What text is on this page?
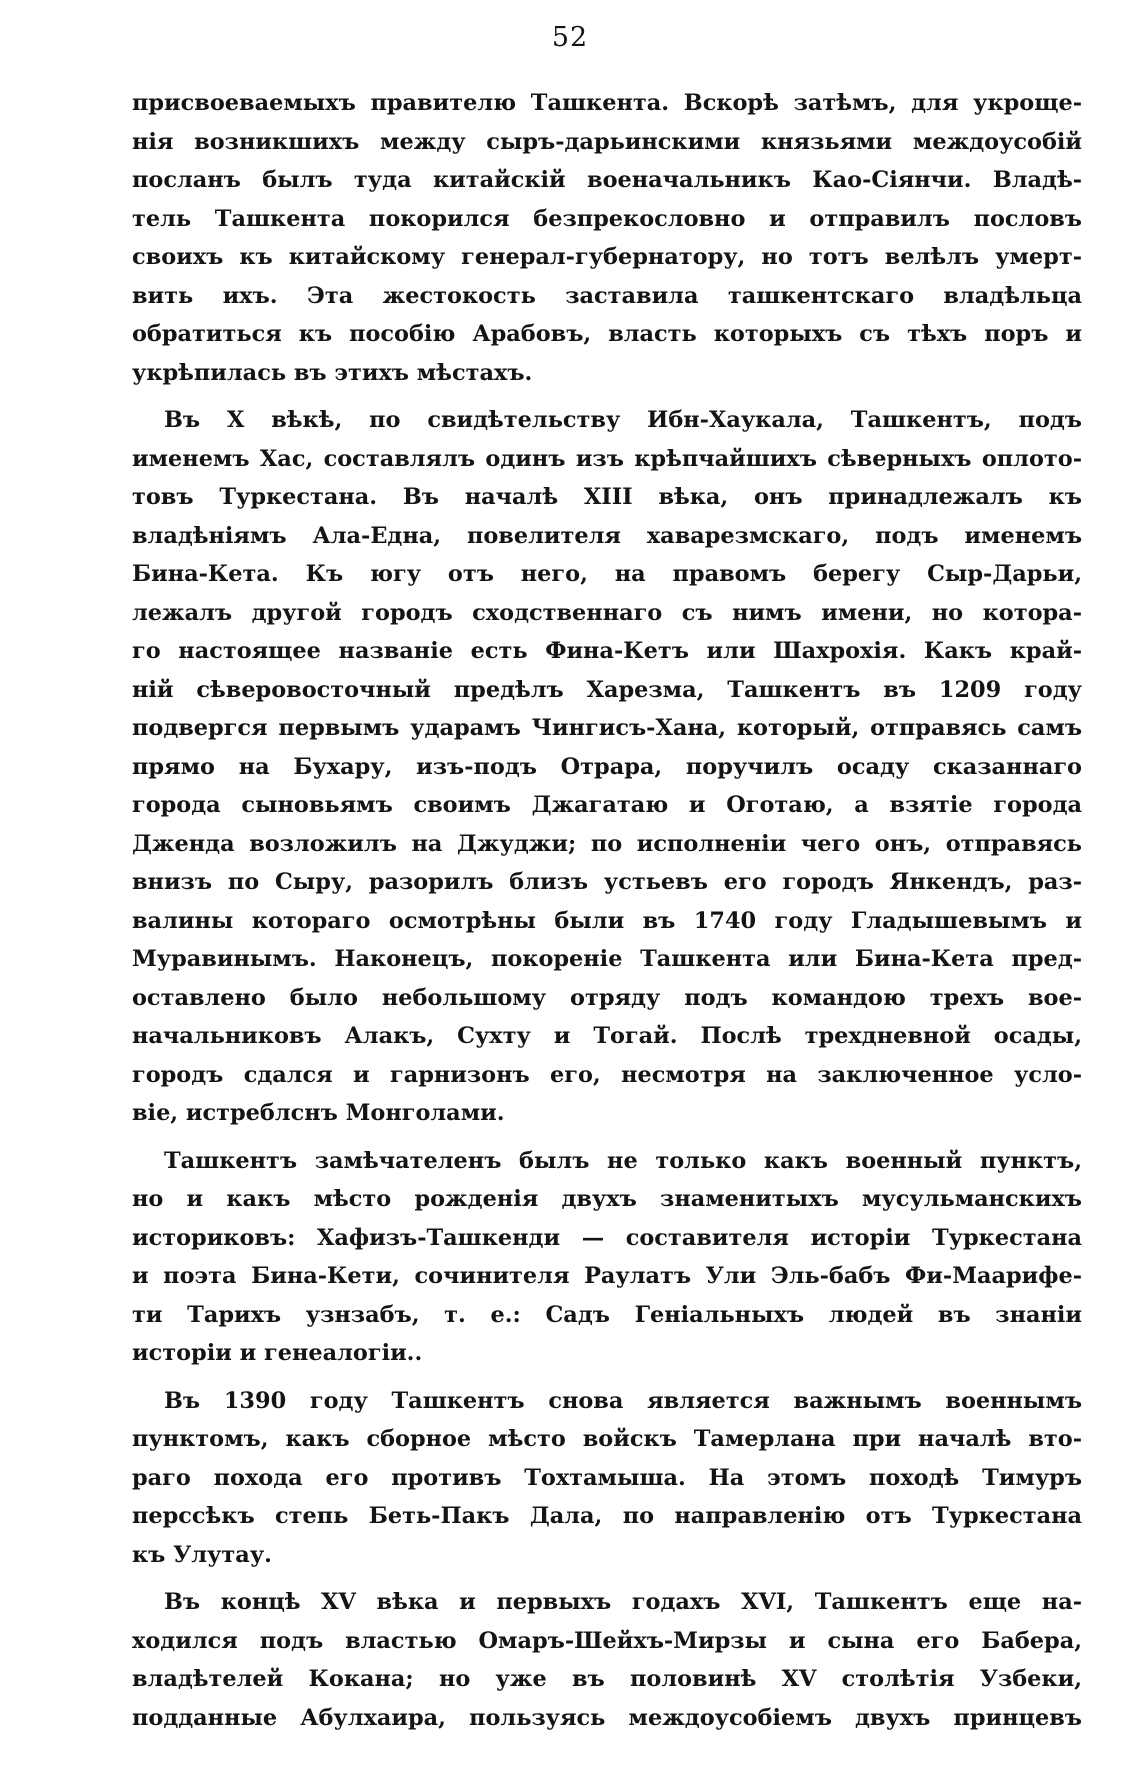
52
присвоеваемыхъ правителю Ташкента. Вскорѣ затѣмъ, для укроще-
нія возникшихъ между сыръ-дарьинскими князьями междоусобій
посланъ былъ туда китайскій военачальникъ Као-Сіянчи. Владѣ-
тель Ташкента покорился безпрекословно и отправилъ пословъ
своихъ къ китайскому генерал-губернатору, но тотъ велѣлъ умерт-
вить ихъ. Эта жестокость заставила ташкентскаго владѣльца
обратиться къ пособію Арабовъ, власть которыхъ съ тѣхъ поръ и
укрѣпилась въ этихъ мѣстахъ.
Въ X вѣкѣ, по свидѣтельству Ибн-Хаукала, Ташкентъ, подъ
именемъ Хас, составлялъ одинъ изъ крѣпчайшихъ сѣверныхъ оплото-
товъ Туркестана. Въ началѣ XIII вѣка, онъ принадлежалъ къ
владѣніямъ Ала-Една, повелителя хаварезмскаго, подъ именемъ
Бина-Кета. Къ югу отъ него, на правомъ берегу Сыр-Дарьи,
лежалъ другой городъ сходственнаго съ нимъ имени, но котора-
го настоящее названіе есть Фина-Кетъ или Шахрохія. Какъ край-
ній сѣверовосточный предѣлъ Харезма, Ташкентъ въ 1209 году
подвергся первымъ ударамъ Чингисъ-Хана, который, отправясь самъ
прямо на Бухару, изъ-подъ Отрара, поручилъ осаду сказаннаго
города сыновьямъ своимъ Джагатаю и Оготаю, а взятіе города
Дженда возложилъ на Джуджи; по исполненіи чего онъ, отправясь
внизъ по Сыру, разорилъ близъ устьевъ его городъ Янкендъ, раз-
валины котораго осмотрѣны были въ 1740 году Гладышевымъ и
Муравинымъ. Наконецъ, покореніе Ташкента или Бина-Кета пред-
оставлено было небольшому отряду подъ командою трехъ вое-
начальниковъ Алакъ, Сухту и Тогай. Послѣ трехдневной осады,
городъ сдался и гарнизонъ его, несмотря на заключенное усло-
віе, истреблснъ Монголами.
Ташкентъ замѣчателенъ былъ не только какъ военный пунктъ,
но и какъ мѣсто рожденія двухъ знаменитыхъ мусульманскихъ
историковъ: Хафизъ-Ташкенди — составителя исторіи Туркестана
и поэта Бина-Кети, сочинителя Раулатъ Ули Эль-бабъ Фи-Маарифе-
ти Тарихъ узнзабъ, т. е.: Садъ Геніальныхъ людей въ знаніи
исторіи и генеалогіи..
Въ 1390 году Ташкентъ снова является важнымъ военнымъ
пунктомъ, какъ сборное мѣсто войскъ Тамерлана при началѣ вто-
раго похода его противъ Тохтамыша. На этомъ походѣ Тимуръ
перссѣкъ степь Беть-Пакъ Дала, по направленію отъ Туркестана
къ Улутау.
Въ концѣ XV вѣка и первыхъ годахъ XVI, Ташкентъ еще на-
ходился подъ властью Омаръ-Шейхъ-Мирзы и сына его Бабера,
владѣтелей Кокана; но уже въ половинѣ XV столѣтія Узбеки,
подданные Абулхаира, пользуясь междоусобіемъ двухъ принцевъ
